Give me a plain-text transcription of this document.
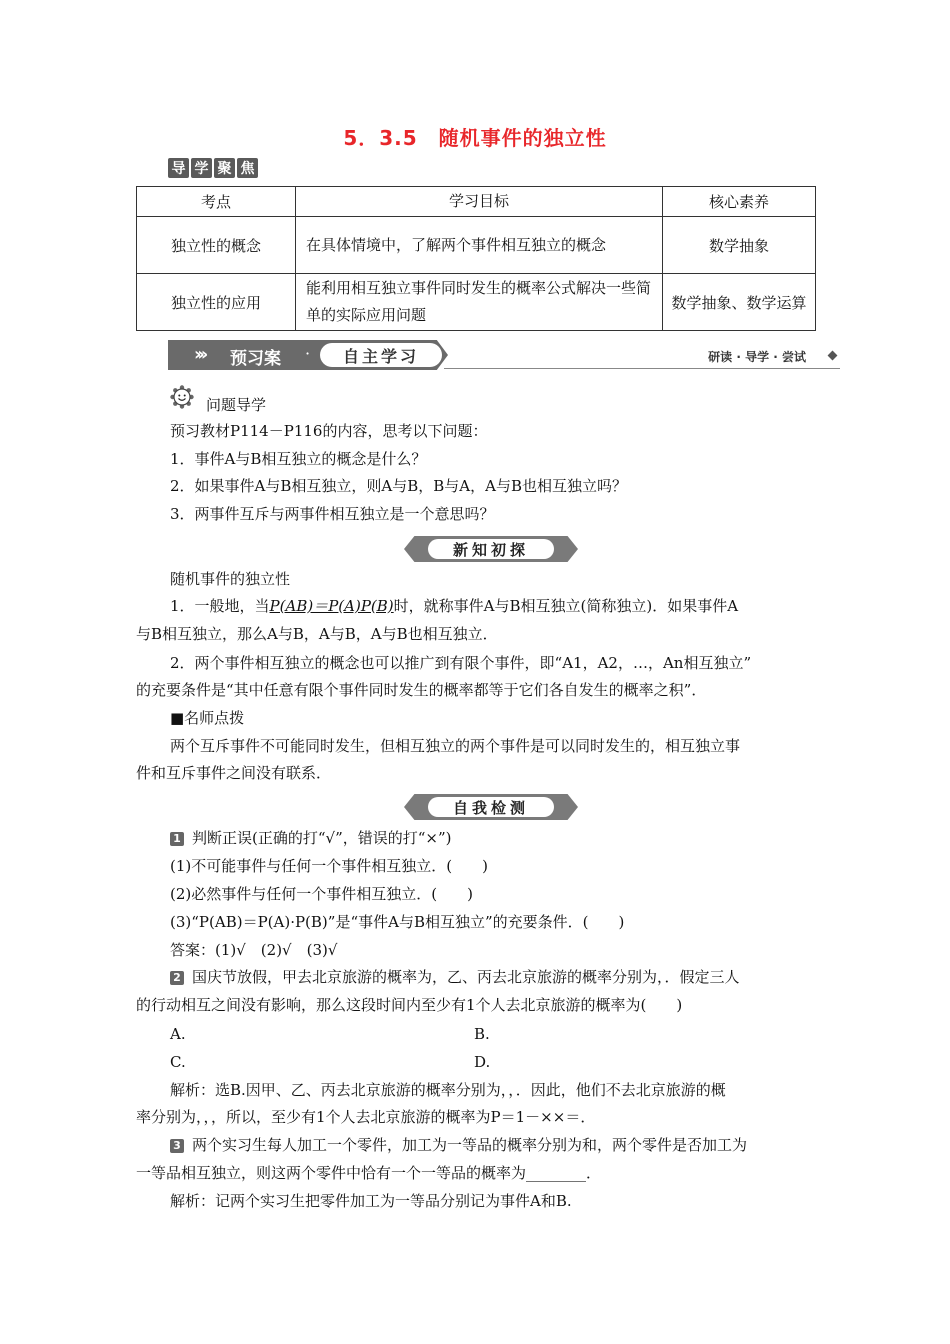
5．3.5　随机事件的独立性
导 学 聚 焦
考点	学习目标	核心素养
独立性的概念	在具体情境中，了解两个事件相互独立的概念	数学抽象
独立性的应用	能利用相互独立事件同时发生的概率公式解决一些简单的实际应用问题	数学抽象、数学运算
››› 预习案 ·	自主学习	研读 · 导学 · 尝试
问题导学
预习教材P114－P116的内容，思考以下问题：
1．事件A与B相互独立的概念是什么？
2．如果事件A与B相互独立，则A与B，B与A，A与B也相互独立吗？
3．两事件互斥与两事件相互独立是一个意思吗？
新知初探
随机事件的独立性
1．一般地，当P(AB)＝P(A)P(B)时，就称事件A与B相互独立(简称独立)．如果事件A
与B相互独立，那么A与B，A与B，A与B也相互独立．
2．两个事件相互独立的概念也可以推广到有限个事件，即“A1，A2，…，An相互独立”
的充要条件是“其中任意有限个事件同时发生的概率都等于它们各自发生的概率之积”．
■名师点拨
两个互斥事件不可能同时发生，但相互独立的两个事件是可以同时发生的，相互独立事
件和互斥事件之间没有联系．
自我检测
1 判断正误(正确的打“√”，错误的打“×”)
(1)不可能事件与任何一个事件相互独立．(　　)
(2)必然事件与任何一个事件相互独立．(　　)
(3)“P(AB)＝P(A)·P(B)”是“事件A与B相互独立”的充要条件．(　　)
答案：(1)√　(2)√　(3)√
2 国庆节放假，甲去北京旅游的概率为，乙、丙去北京旅游的概率分别为，．假定三人
的行动相互之间没有影响，那么这段时间内至少有1个人去北京旅游的概率为(　　)
A.	B.
C.	D.
解析：选B.因甲、乙、丙去北京旅游的概率分别为，，．因此，他们不去北京旅游的概
率分别为，，，所以，至少有1个人去北京旅游的概率为P＝1－××＝．
3 两个实习生每人加工一个零件，加工为一等品的概率分别为和，两个零件是否加工为
一等品相互独立，则这两个零件中恰有一个一等品的概率为________．
解析：记两个实习生把零件加工为一等品分别记为事件A和B.
